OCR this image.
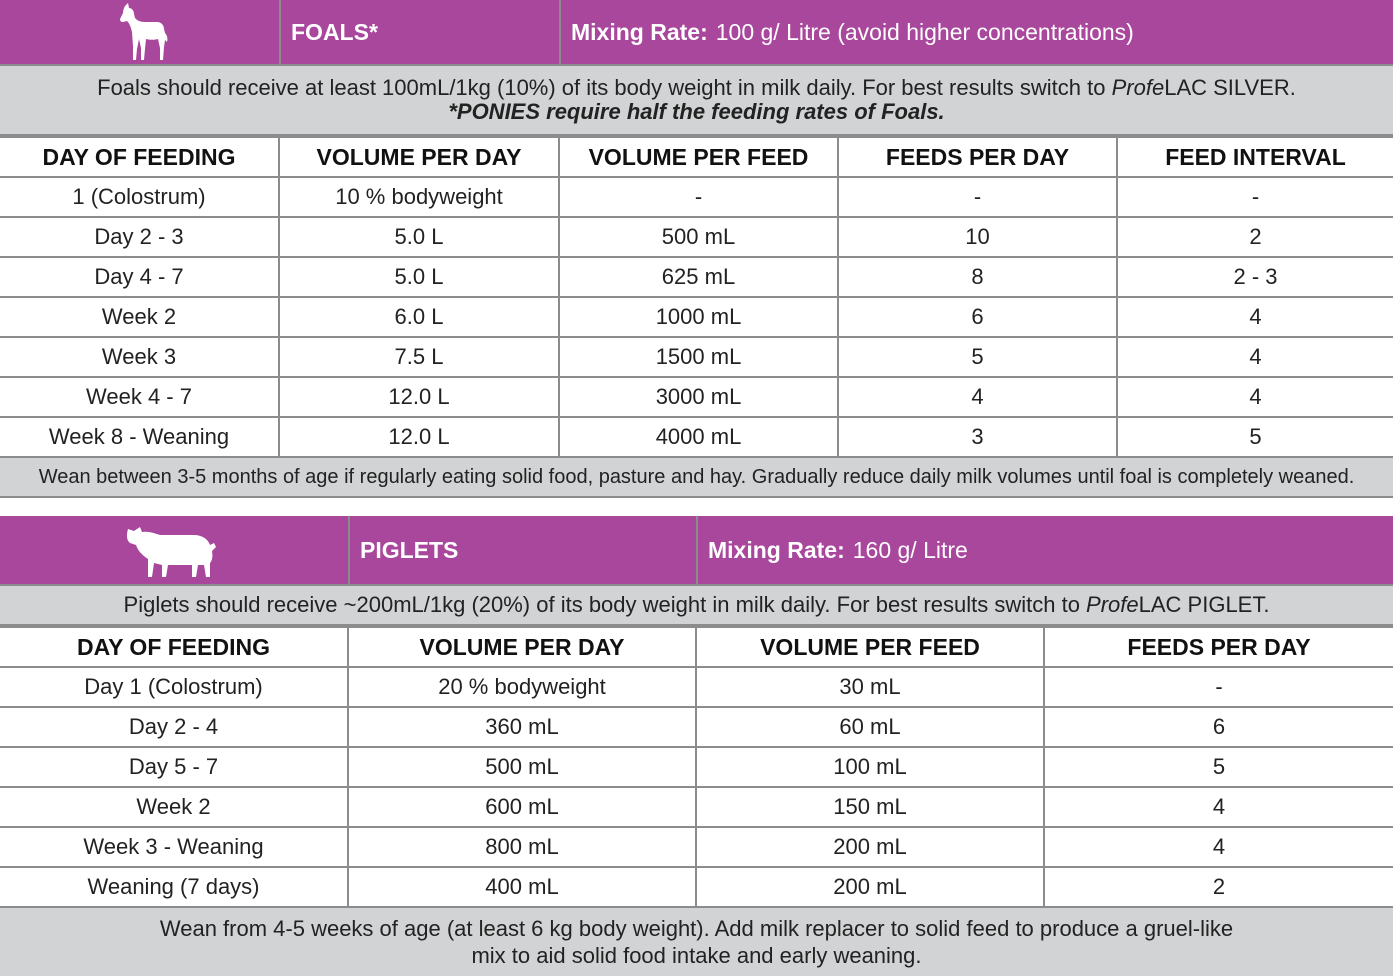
FOALS*	Mixing Rate: 100 g/ Litre (avoid higher concentrations)
Foals should receive at least 100mL/1kg (10%) of its body weight in milk daily. For best results switch to ProfeLAC SILVER.
*PONIES require half the feeding rates of Foals.
DAY OF FEEDING	VOLUME PER DAY	VOLUME PER FEED	FEEDS PER DAY	FEED INTERVAL
1 (Colostrum)	10 % bodyweight	-	-	-
Day 2 - 3	5.0 L	500 mL	10	2
Day 4 - 7	5.0 L	625 mL	8	2 - 3
Week 2	6.0 L	1000 mL	6	4
Week 3	7.5 L	1500 mL	5	4
Week 4 - 7	12.0 L	3000 mL	4	4
Week 8 - Weaning	12.0 L	4000 mL	3	5
Wean between 3-5 months of age if regularly eating solid food, pasture and hay. Gradually reduce daily milk volumes until foal is completely weaned.
PIGLETS	Mixing Rate: 160 g/ Litre
Piglets should receive ~200mL/1kg (20%) of its body weight in milk daily. For best results switch to ProfeLAC PIGLET.
DAY OF FEEDING	VOLUME PER DAY	VOLUME PER FEED	FEEDS PER DAY
Day 1 (Colostrum)	20 % bodyweight	30 mL	-
Day 2 - 4	360 mL	60 mL	6
Day 5 - 7	500 mL	100 mL	5
Week 2	600 mL	150 mL	4
Week 3 - Weaning	800 mL	200 mL	4
Weaning (7 days)	400 mL	200 mL	2
Wean from 4-5 weeks of age (at least 6 kg body weight). Add milk replacer to solid feed to produce a gruel-like
mix to aid solid food intake and early weaning.
